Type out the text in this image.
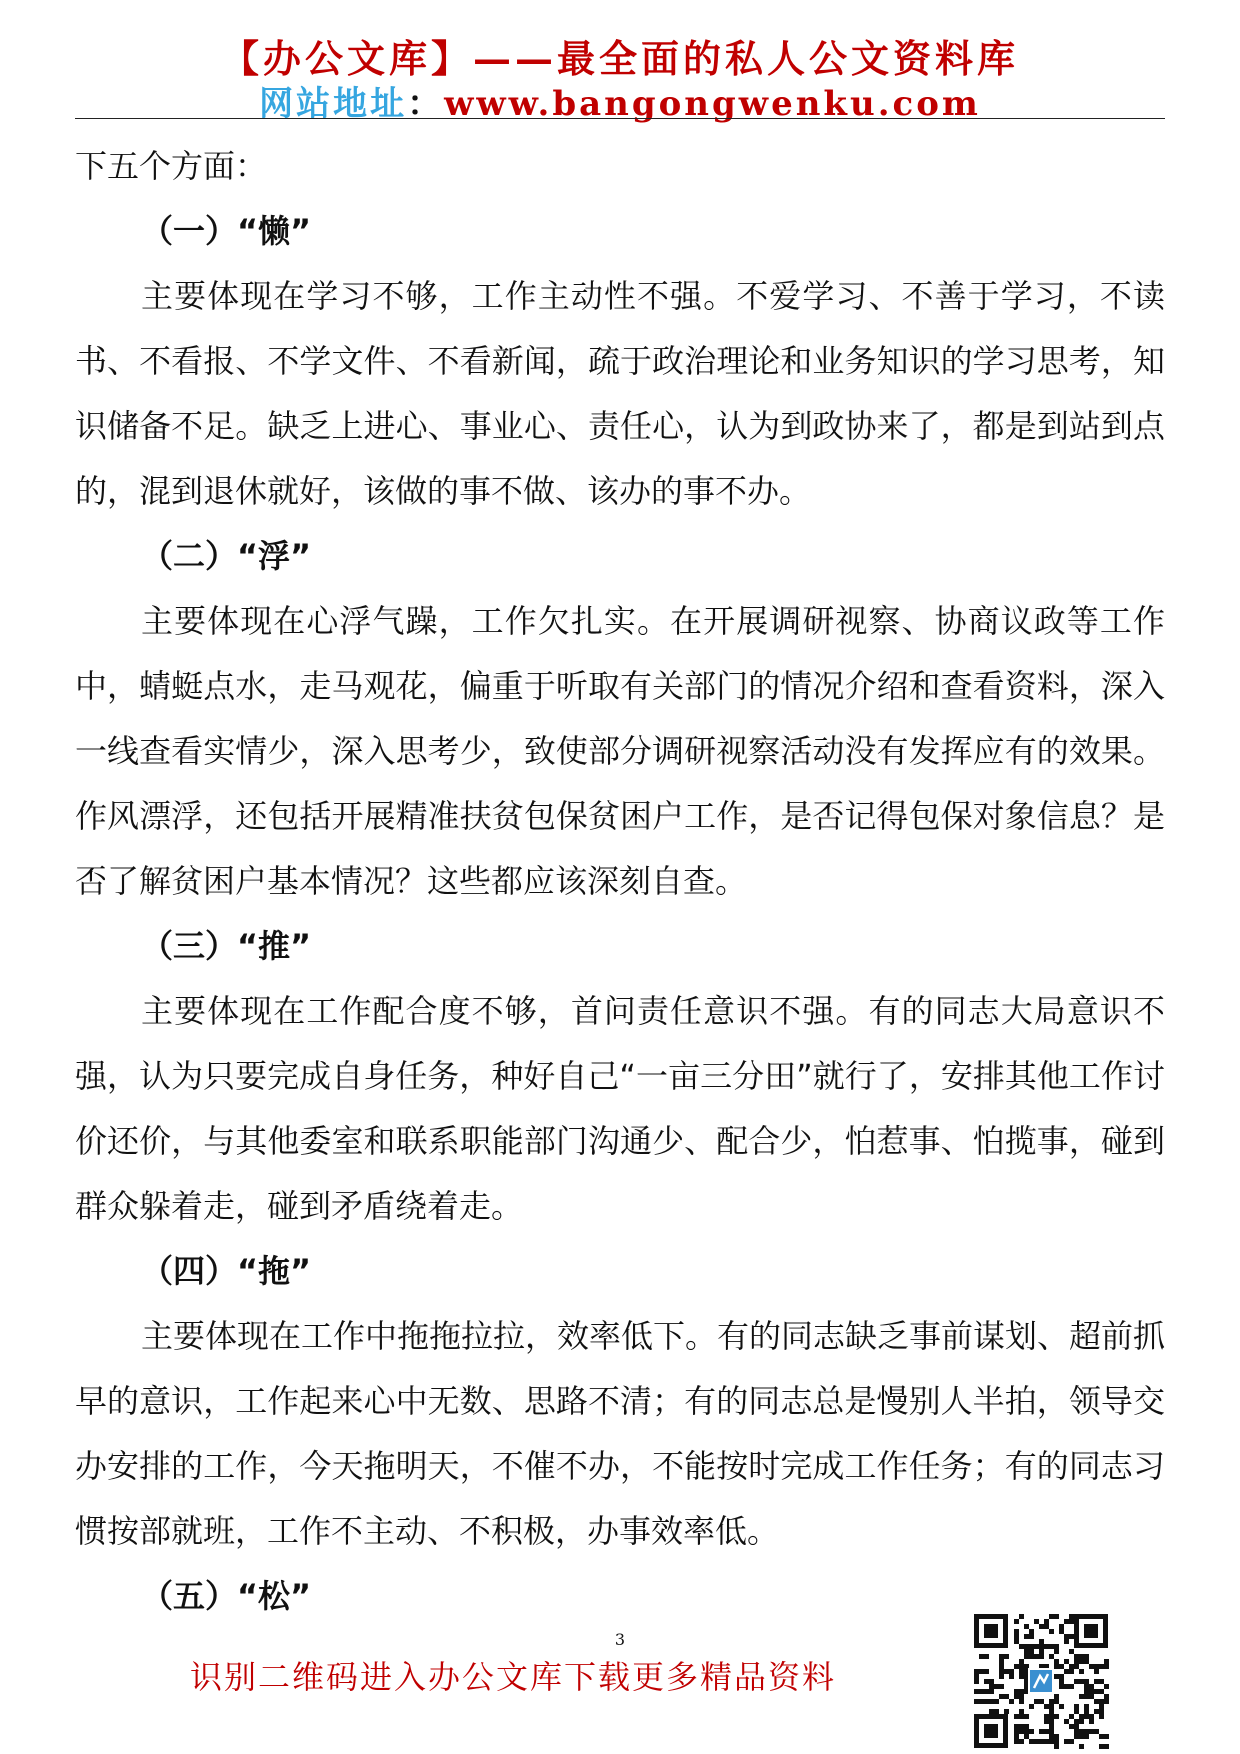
【办公文库】——最全面的私人公文资料库
网站地址：www.bangongwenku.com

下五个方面：

（一）“懒”

主要体现在学习不够，工作主动性不强。不爱学习、不善于学习，不读书、不看报、不学文件、不看新闻，疏于政治理论和业务知识的学习思考，知识储备不足。缺乏上进心、事业心、责任心，认为到政协来了，都是到站到点的，混到退休就好，该做的事不做、该办的事不办。

（二）“浮”

主要体现在心浮气躁，工作欠扎实。在开展调研视察、协商议政等工作中，蜻蜓点水，走马观花，偏重于听取有关部门的情况介绍和查看资料，深入一线查看实情少，深入思考少，致使部分调研视察活动没有发挥应有的效果。作风漂浮，还包括开展精准扶贫包保贫困户工作，是否记得包保对象信息？是否了解贫困户基本情况？这些都应该深刻自查。

（三）“推”

主要体现在工作配合度不够，首问责任意识不强。有的同志大局意识不强，认为只要完成自身任务，种好自己“一亩三分田”就行了，安排其他工作讨价还价，与其他委室和联系职能部门沟通少、配合少，怕惹事、怕揽事，碰到群众躲着走，碰到矛盾绕着走。

（四）“拖”

主要体现在工作中拖拖拉拉，效率低下。有的同志缺乏事前谋划、超前抓早的意识，工作起来心中无数、思路不清；有的同志总是慢别人半拍，领导交办安排的工作，今天拖明天，不催不办，不能按时完成工作任务；有的同志习惯按部就班，工作不主动、不积极，办事效率低。

（五）“松”

3
识别二维码进入办公文库下载更多精品资料
